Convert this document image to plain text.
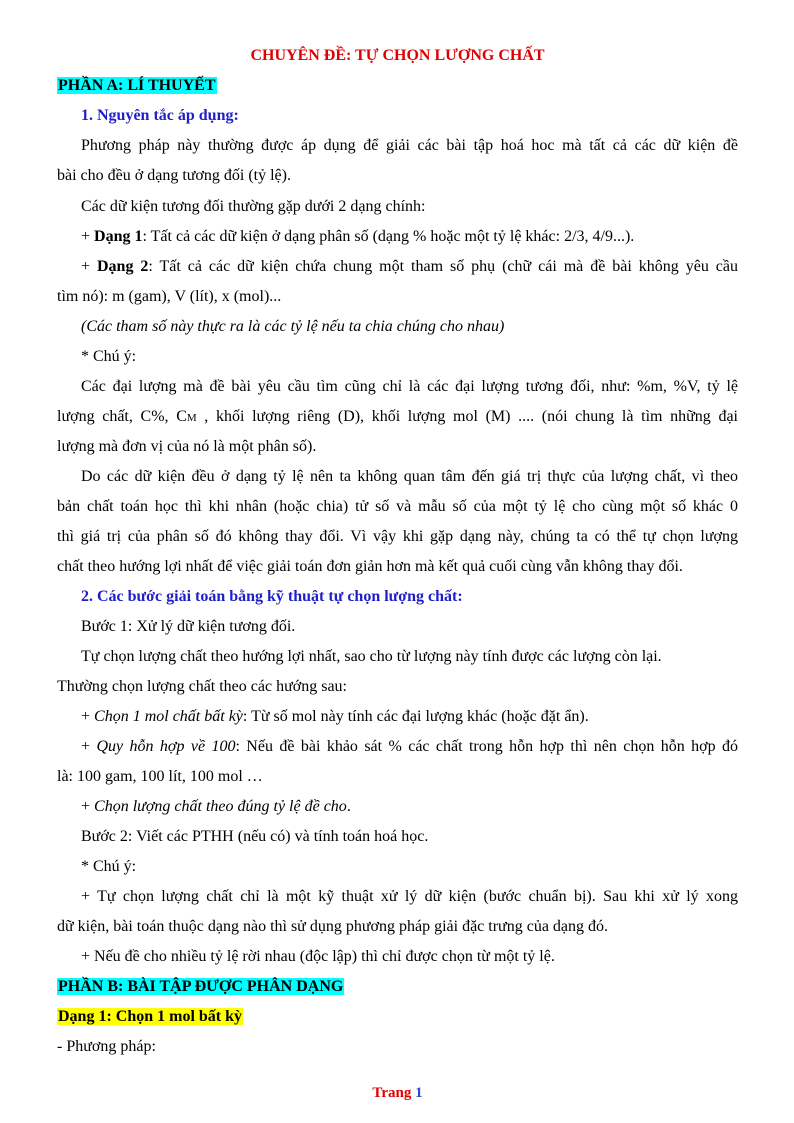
CHUYÊN ĐỀ: TỰ CHỌN LƯỢNG CHẤT
PHẦN A: LÍ THUYẾT
1. Nguyên tắc áp dụng:
Phương pháp này thường được áp dụng để giải các bài tập hoá hoc mà tất cả các dữ kiện đề
bài cho đều ở dạng tương đối (tỷ lệ).
Các dữ kiện tương đối thường gặp dưới 2 dạng chính:
+ Dạng 1: Tất cả các dữ kiện ở dạng phân số (dạng % hoặc một tỷ lệ khác: 2/3, 4/9...).
+ Dạng 2: Tất cả các dữ kiện chứa chung một tham số phụ (chữ cái mà đề bài không yêu cầu
tìm nó): m (gam), V (lít), x (mol)...
(Các tham số này thực ra là các tỷ lệ nếu ta chia chúng cho nhau)
* Chú ý:
Các đại lượng mà đề bài yêu cầu tìm cũng chỉ là các đại lượng tương đối, như: %m, %V, tỷ lệ
lượng chất, C%, CM , khối lượng riêng (D), khối lượng mol (M) .... (nói chung là tìm những đại
lượng mà đơn vị của nó là một phân số).
Do các dữ kiện đều ở dạng tỷ lệ nên ta không quan tâm đến giá trị thực của lượng chất, vì theo
bản chất toán học thì khi nhân (hoặc chia) tử số và mẫu số của một tỷ lệ cho cùng một số khác 0
thì giá trị của phân số đó không thay đổi. Vì vậy khi gặp dạng này, chúng ta có thể tự chọn lượng
chất theo hướng lợi nhất để việc giải toán đơn giản hơn mà kết quả cuối cùng vẫn không thay đổi.
2. Các bước giải toán bằng kỹ thuật tự chọn lượng chất:
Bước 1: Xử lý dữ kiện tương đối.
Tự chọn lượng chất theo hướng lợi nhất, sao cho từ lượng này tính được các lượng còn lại.
Thường chọn lượng chất theo các hướng sau:
+ Chọn 1 mol chất bất kỳ: Từ số mol này tính các đại lượng khác (hoặc đặt ẩn).
+ Quy hỗn hợp về 100: Nếu đề bài khảo sát % các chất trong hỗn hợp thì nên chọn hỗn hợp đó
là: 100 gam, 100 lít, 100 mol …
+ Chọn lượng chất theo đúng tỷ lệ đề cho.
Bước 2: Viết các PTHH (nếu có) và tính toán hoá học.
* Chú ý:
+ Tự chọn lượng chất chỉ là một kỹ thuật xử lý dữ kiện (bước chuẩn bị). Sau khi xử lý xong
dữ kiện, bài toán thuộc dạng nào thì sử dụng phương pháp giải đặc trưng của dạng đó.
+ Nếu đề cho nhiều tỷ lệ rời nhau (độc lập) thì chỉ được chọn từ một tỷ lệ.
PHẦN B: BÀI TẬP ĐƯỢC PHÂN DẠNG
Dạng 1: Chọn 1 mol bất kỳ
- Phương pháp:
Trang 1
